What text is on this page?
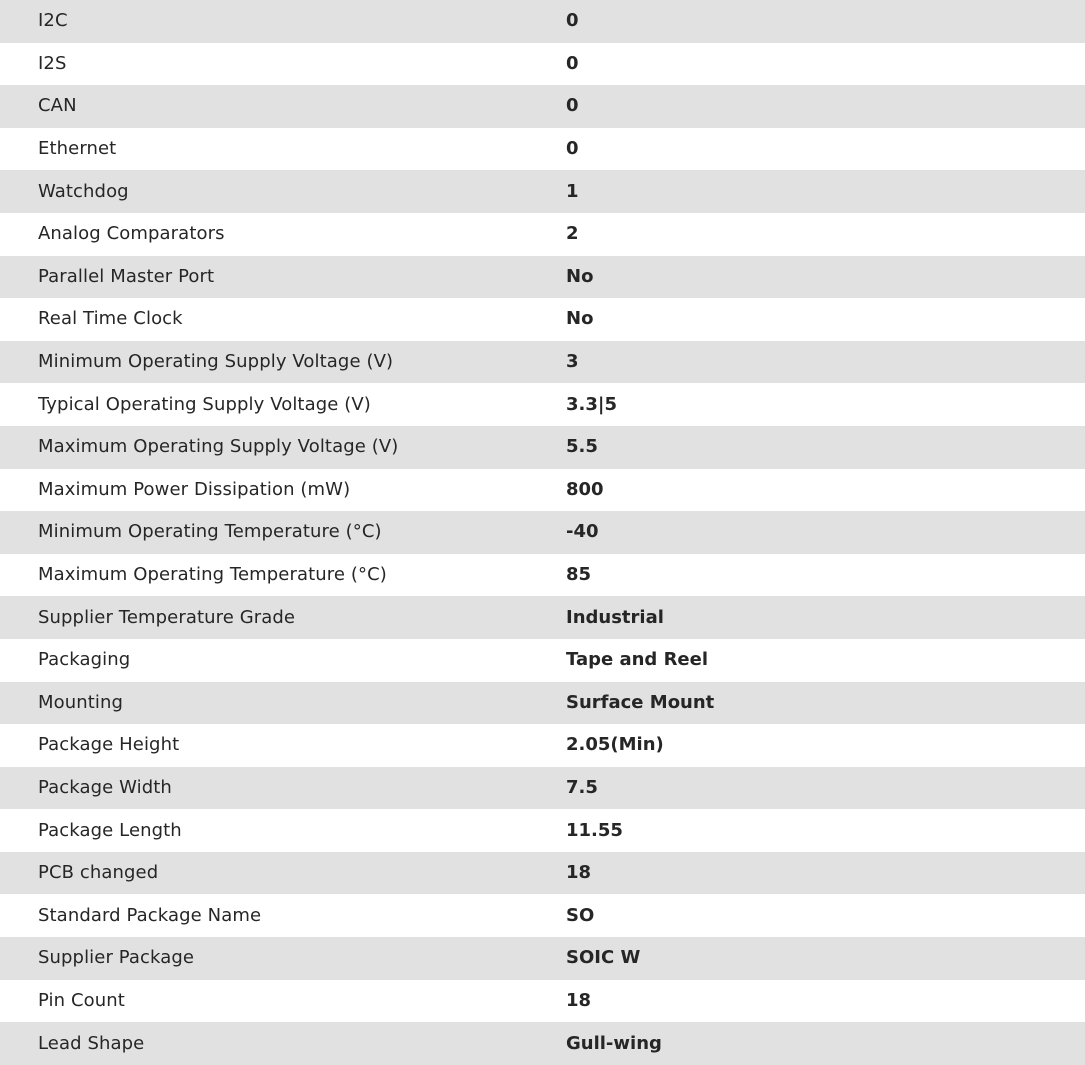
I2C	0
I2S	0
CAN	0
Ethernet	0
Watchdog	1
Analog Comparators	2
Parallel Master Port	No
Real Time Clock	No
Minimum Operating Supply Voltage (V)	3
Typical Operating Supply Voltage (V)	3.3|5
Maximum Operating Supply Voltage (V)	5.5
Maximum Power Dissipation (mW)	800
Minimum Operating Temperature (°C)	-40
Maximum Operating Temperature (°C)	85
Supplier Temperature Grade	Industrial
Packaging	Tape and Reel
Mounting	Surface Mount
Package Height	2.05(Min)
Package Width	7.5
Package Length	11.55
PCB changed	18
Standard Package Name	SO
Supplier Package	SOIC W
Pin Count	18
Lead Shape	Gull-wing
